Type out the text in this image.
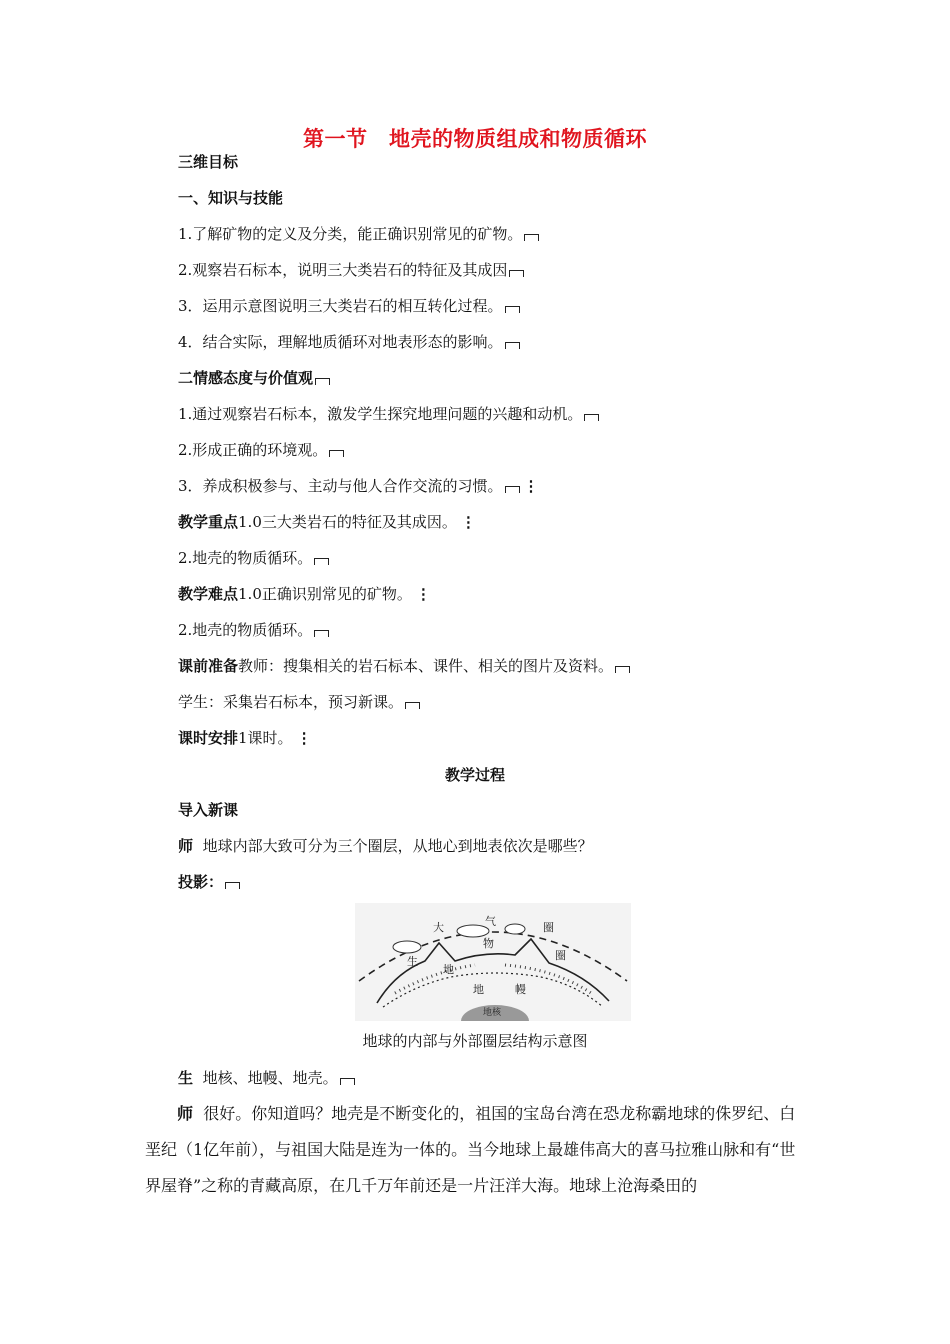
第一节　地壳的物质组成和物质循环
三维目标
一、知识与技能
1.了解矿物的定义及分类，能正确识别常见的矿物。
2.观察岩石标本，说明三大类岩石的特征及其成因
3．运用示意图说明三大类岩石的相互转化过程。
4．结合实际，理解地质循环对地表形态的影响。
二情感态度与价值观
1.通过观察岩石标本，激发学生探究地理问题的兴趣和动机。
2.形成正确的环境观。
3．养成积极参与、主动与他人合作交流的习惯。 ⋮
教学重点1.0三大类岩石的特征及其成因。 ⋮
2.地壳的物质循环。
教学难点1.0正确识别常见的矿物。 ⋮
2.地壳的物质循环。
课前准备教师：搜集相关的岩石标本、课件、相关的图片及资料。
学生：采集岩石标本，预习新课。
课时安排1课时。 ⋮
教学过程
导入新课
师 地球内部大致可分为三个圈层，从地心到地表依次是哪些？
投影：
大	气	圈
物
圈
生
地
地	幔
地核
地球的内部与外部圈层结构示意图
生 地核、地幔、地壳。
师 很好。你知道吗？地壳是不断变化的，祖国的宝岛台湾在恐龙称霸地球的侏罗纪、白垩纪（1亿年前），与祖国大陆是连为一体的。当今地球上最雄伟高大的喜马拉雅山脉和有“世界屋脊”之称的青藏高原，在几千万年前还是一片汪洋大海。地球上沧海桑田的
